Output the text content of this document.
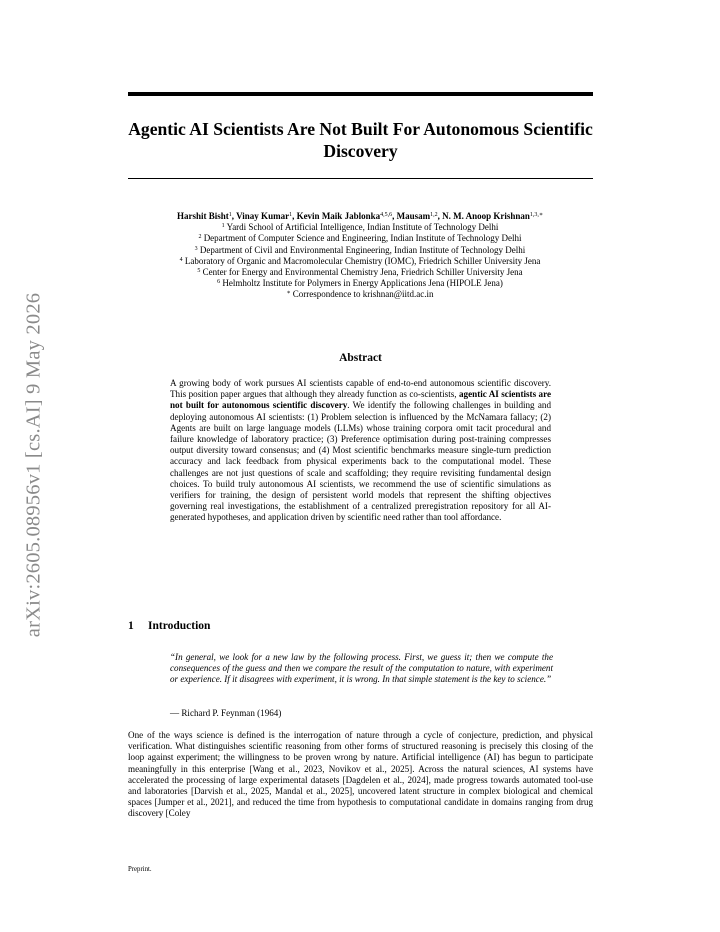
arXiv:2605.08956v1 [cs.AI] 9 May 2026
Agentic AI Scientists Are Not Built For Autonomous Scientific Discovery
Harshit Bisht$^1$, Vinay Kumar$^1$, Kevin Maik Jablonka$^{4,5,6}$, Mausam$^{1,2}$, N. M. Anoop Krishnan$^{1,3,∗}$
$^1$ Yardi School of Artificial Intelligence, Indian Institute of Technology Delhi
$^2$ Department of Computer Science and Engineering, Indian Institute of Technology Delhi
$^3$ Department of Civil and Environmental Engineering, Indian Institute of Technology Delhi
$^4$ Laboratory of Organic and Macromolecular Chemistry (IOMC), Friedrich Schiller University Jena
$^5$ Center for Energy and Environmental Chemistry Jena, Friedrich Schiller University Jena
$^6$ Helmholtz Institute for Polymers in Energy Applications Jena (HIPOLE Jena)
∗ Correspondence to krishnan@iitd.ac.in
Abstract

A growing body of work pursues AI scientists capable of end-to-end autonomous scientific discovery. This position paper argues that although they already function as co-scientists, agentic AI scientists are not built for autonomous scientific discovery. We identify the following challenges in building and deploying autonomous AI scientists: (1) Problem selection is influenced by the McNamara fallacy; (2) Agents are built on large language models (LLMs) whose training corpora omit tacit procedural and failure knowledge of laboratory practice; (3) Preference optimisation during post-training compresses output diversity toward consensus; and (4) Most scientific benchmarks measure single-turn prediction accuracy and lack feedback from physical experiments back to the computational model. These challenges are not just questions of scale and scaffolding; they require revisiting fundamental design choices. To build truly autonomous AI scientists, we recommend the use of scientific simulations as verifiers for training, the design of persistent world models that represent the shifting objectives governing real investigations, the establishment of a centralized preregistration repository for all AI-generated hypotheses, and application driven by scientific need rather than tool affordance.

1 Introduction

“In general, we look for a new law by the following process. First, we guess it; then we compute the consequences of the guess and then we compare the result of the computation to nature, with experiment or experience. If it disagrees with experiment, it is wrong. In that simple statement is the key to science.”

— Richard P. Feynman (1964)

One of the ways science is defined is the interrogation of nature through a cycle of conjecture, prediction, and physical verification. What distinguishes scientific reasoning from other forms of structured reasoning is precisely this closing of the loop against experiment; the willingness to be proven wrong by nature. Artificial intelligence (AI) has begun to participate meaningfully in this enterprise [Wang et al., 2023, Novikov et al., 2025]. Across the natural sciences, AI systems have accelerated the processing of large experimental datasets [Dagdelen et al., 2024], made progress towards automated tool-use and laboratories [Darvish et al., 2025, Mandal et al., 2025], uncovered latent structure in complex biological and chemical spaces [Jumper et al., 2021], and reduced the time from hypothesis to computational candidate in domains ranging from drug discovery [Coley

Preprint.
